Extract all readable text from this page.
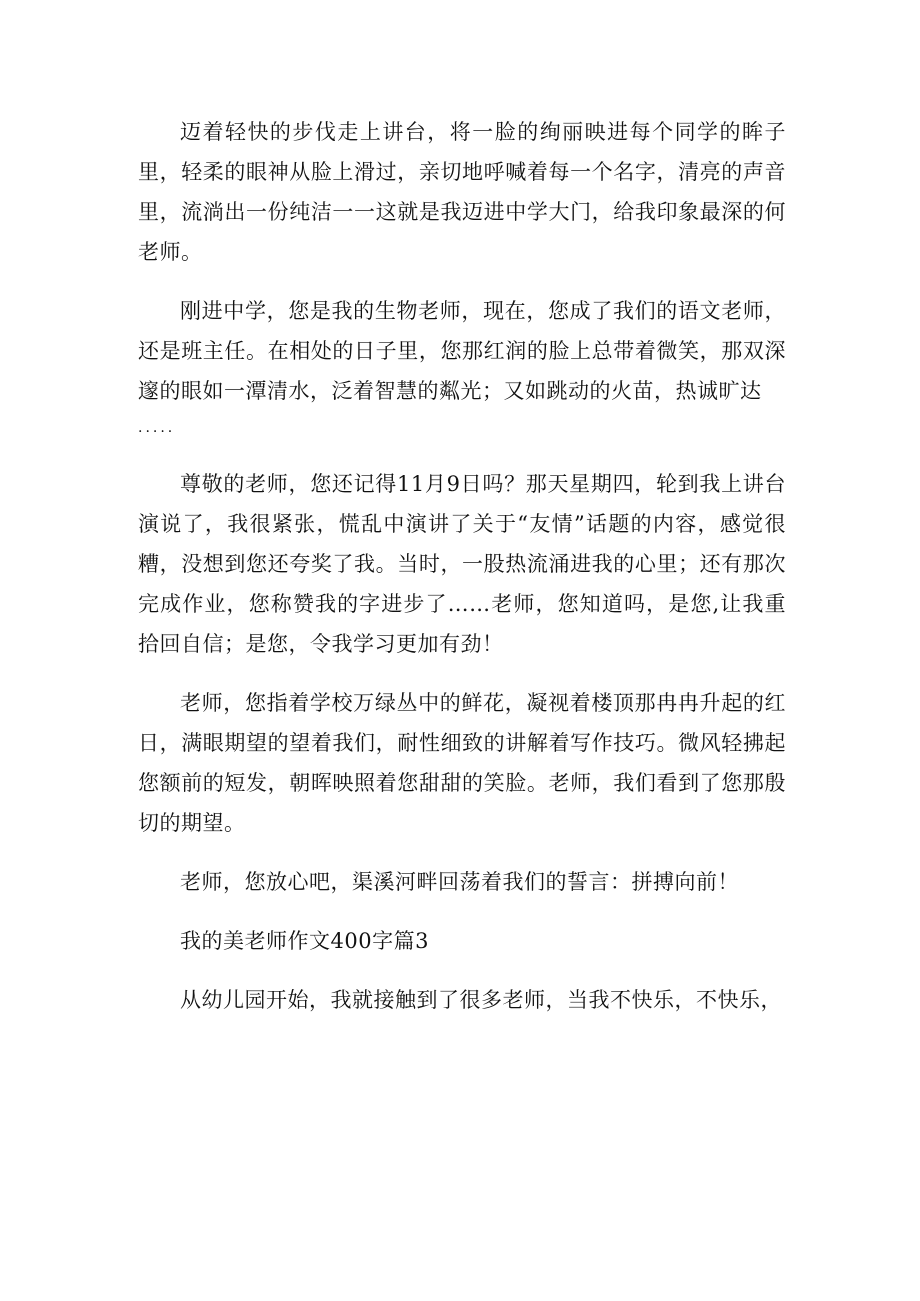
迈着轻快的步伐走上讲台，将一脸的绚丽映进每个同学的眸子里，轻柔的眼神从脸上滑过，亲切地呼喊着每一个名字，清亮的声音里，流淌出一份纯洁一一这就是我迈进中学大门，给我印象最深的何老师。

刚进中学，您是我的生物老师，现在，您成了我们的语文老师，还是班主任。在相处的日子里，您那红润的脸上总带着微笑，那双深邃的眼如一潭清水，泛着智慧的粼光；又如跳动的火苗，热诚旷达
.....

尊敬的老师，您还记得11月9日吗？那天星期四，轮到我上讲台演说了，我很紧张，慌乱中演讲了关于“友情”话题的内容，感觉很糟，没想到您还夸奖了我。当时，一股热流涌进我的心里；还有那次完成作业，您称赞我的字进步了……老师，您知道吗，是您,让我重拾回自信；是您，令我学习更加有劲！

老师，您指着学校万绿丛中的鲜花，凝视着楼顶那冉冉升起的红日，满眼期望的望着我们，耐性细致的讲解着写作技巧。微风轻拂起您额前的短发，朝晖映照着您甜甜的笑脸。老师，我们看到了您那殷切的期望。

老师，您放心吧，渠溪河畔回荡着我们的誓言：拼搏向前！

我的美老师作文400字篇3

从幼儿园开始，我就接触到了很多老师，当我不快乐，不快乐，
